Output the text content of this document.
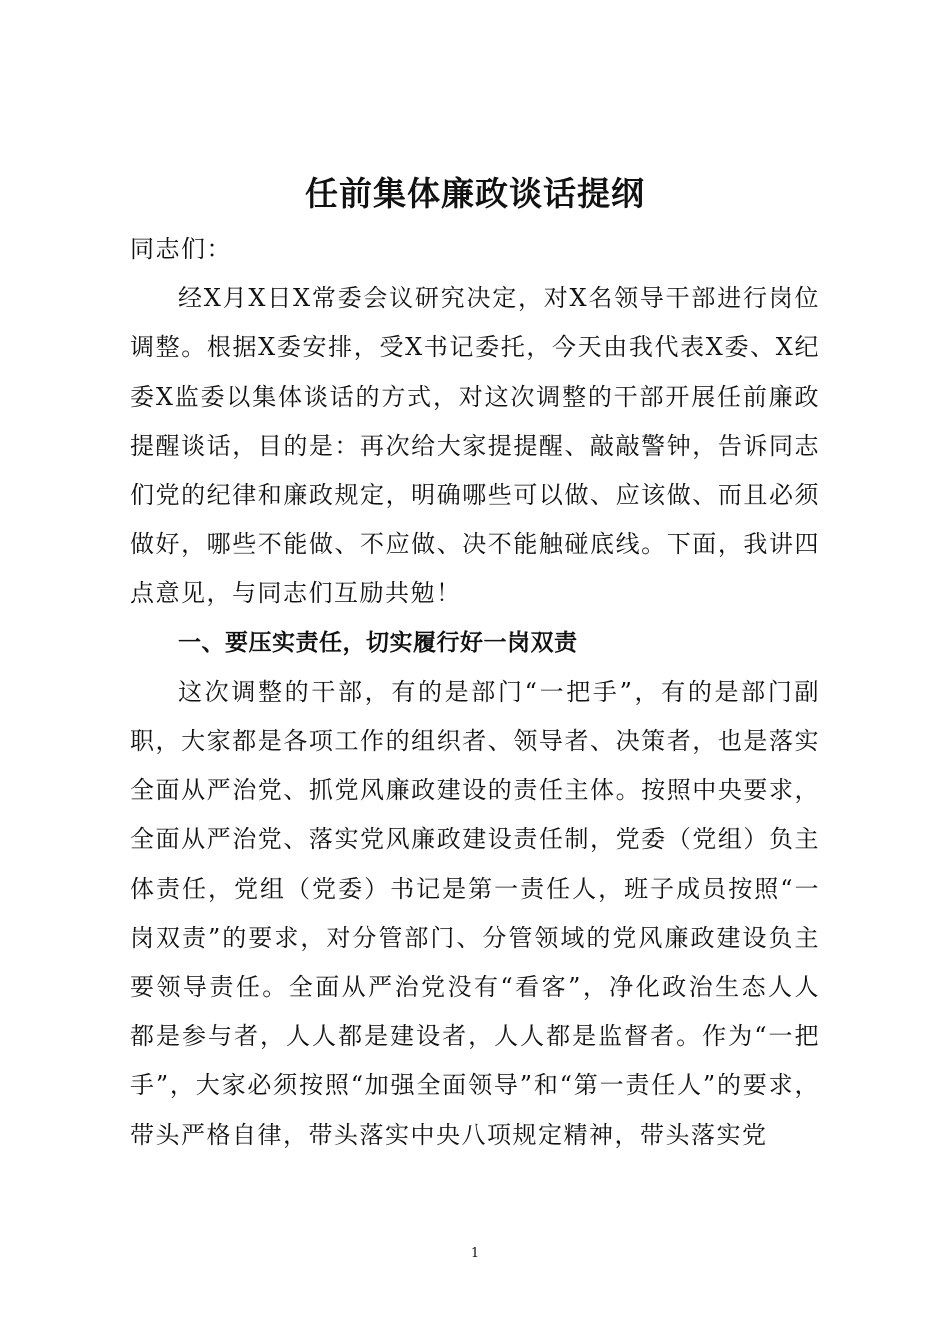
任前集体廉政谈话提纲

同志们：

经X月X日X常委会议研究决定，对X名领导干部进行岗位调整。根据X委安排，受X书记委托，今天由我代表X委、X纪委X监委以集体谈话的方式，对这次调整的干部开展任前廉政提醒谈话，目的是：再次给大家提提醒、敲敲警钟，告诉同志们党的纪律和廉政规定，明确哪些可以做、应该做、而且必须做好，哪些不能做、不应做、决不能触碰底线。下面，我讲四点意见，与同志们互励共勉！

一、要压实责任，切实履行好一岗双责

这次调整的干部，有的是部门“一把手”，有的是部门副职，大家都是各项工作的组织者、领导者、决策者，也是落实全面从严治党、抓党风廉政建设的责任主体。按照中央要求，全面从严治党、落实党风廉政建设责任制，党委（党组）负主体责任，党组（党委）书记是第一责任人，班子成员按照“一岗双责”的要求，对分管部门、分管领域的党风廉政建设负主要领导责任。全面从严治党没有“看客”，净化政治生态人人都是参与者，人人都是建设者，人人都是监督者。作为“一把手”，大家必须按照“加强全面领导”和“第一责任人”的要求，带头严格自律，带头落实中央八项规定精神，带头落实党

1
